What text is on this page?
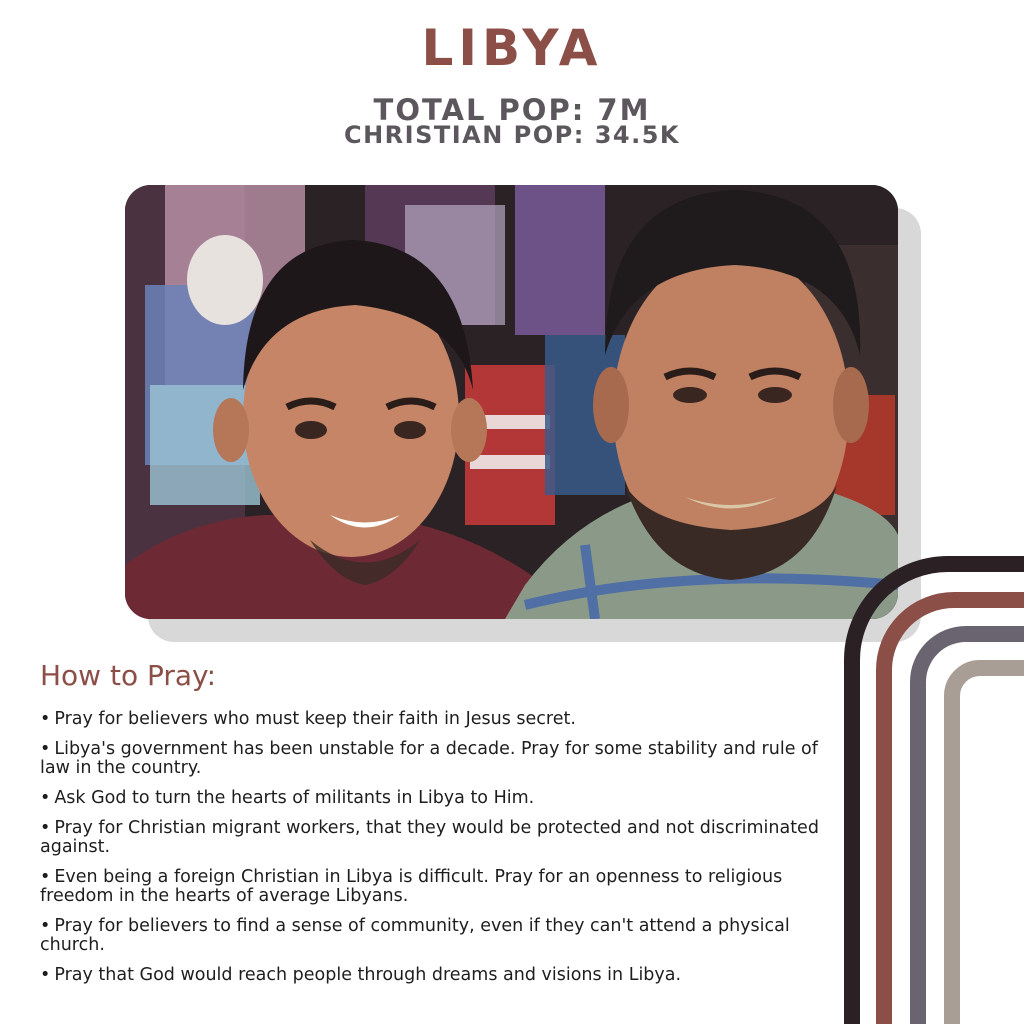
LIBYA
TOTAL POP: 7M
CHRISTIAN POP: 34.5K
How to Pray:
• Pray for believers who must keep their faith in Jesus secret.
• Libya's government has been unstable for a decade. Pray for some stability and rule of law in the country.
• Ask God to turn the hearts of militants in Libya to Him.
• Pray for Christian migrant workers, that they would be protected and not discriminated against.
• Even being a foreign Christian in Libya is difficult. Pray for an openness to religious freedom in the hearts of average Libyans.
• Pray for believers to find a sense of community, even if they can't attend a physical church.
• Pray that God would reach people through dreams and visions in Libya.
